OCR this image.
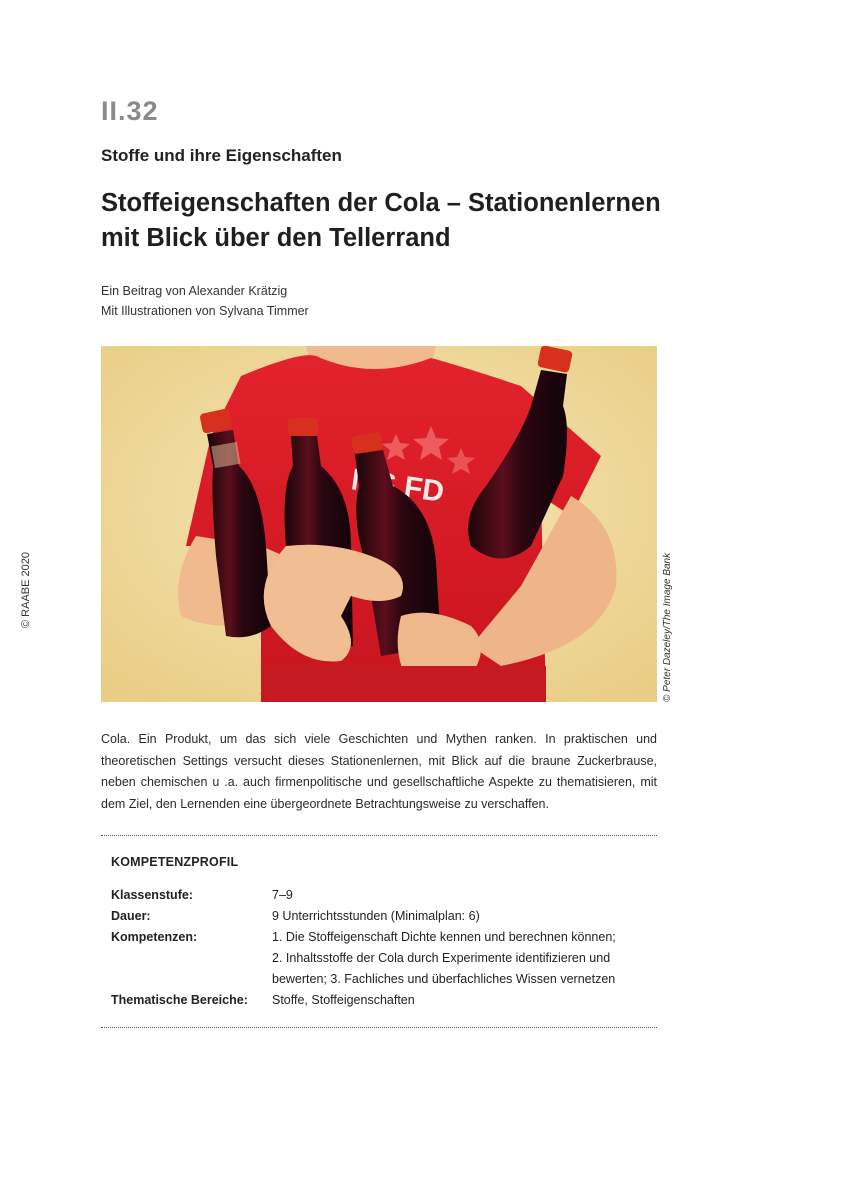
© RAABE 2020
II.32
Stoffe und ihre Eigenschaften
Stoffeigenschaften der Cola – Stationenlernen
mit Blick über den Tellerrand
Ein Beitrag von Alexander Krätzig
Mit Illustrationen von Sylvana Timmer
MS.FD
© Peter Dazeley/The Image Bank

Cola. Ein Produkt, um das sich viele Geschichten und Mythen ranken. In praktischen und theoretischen Settings versucht dieses Stationenlernen, mit Blick auf die braune Zuckerbrause, neben chemischen u .a. auch firmenpolitische und gesellschaftliche Aspekte zu thematisieren, mit dem Ziel, den Lernenden eine übergeordnete Betrachtungsweise zu verschaffen.

KOMPETENZPROFIL
Klassenstufe:	7–9
Dauer:	9 Unterrichtsstunden (Minimalplan: 6)
Kompetenzen:	1. Die Stoffeigenschaft Dichte kennen und berechnen können;
2. Inhaltsstoffe der Cola durch Experimente identifizieren und
bewerten; 3. Fachliches und überfachliches Wissen vernetzen
Thematische Bereiche:	Stoffe, Stoffeigenschaften
